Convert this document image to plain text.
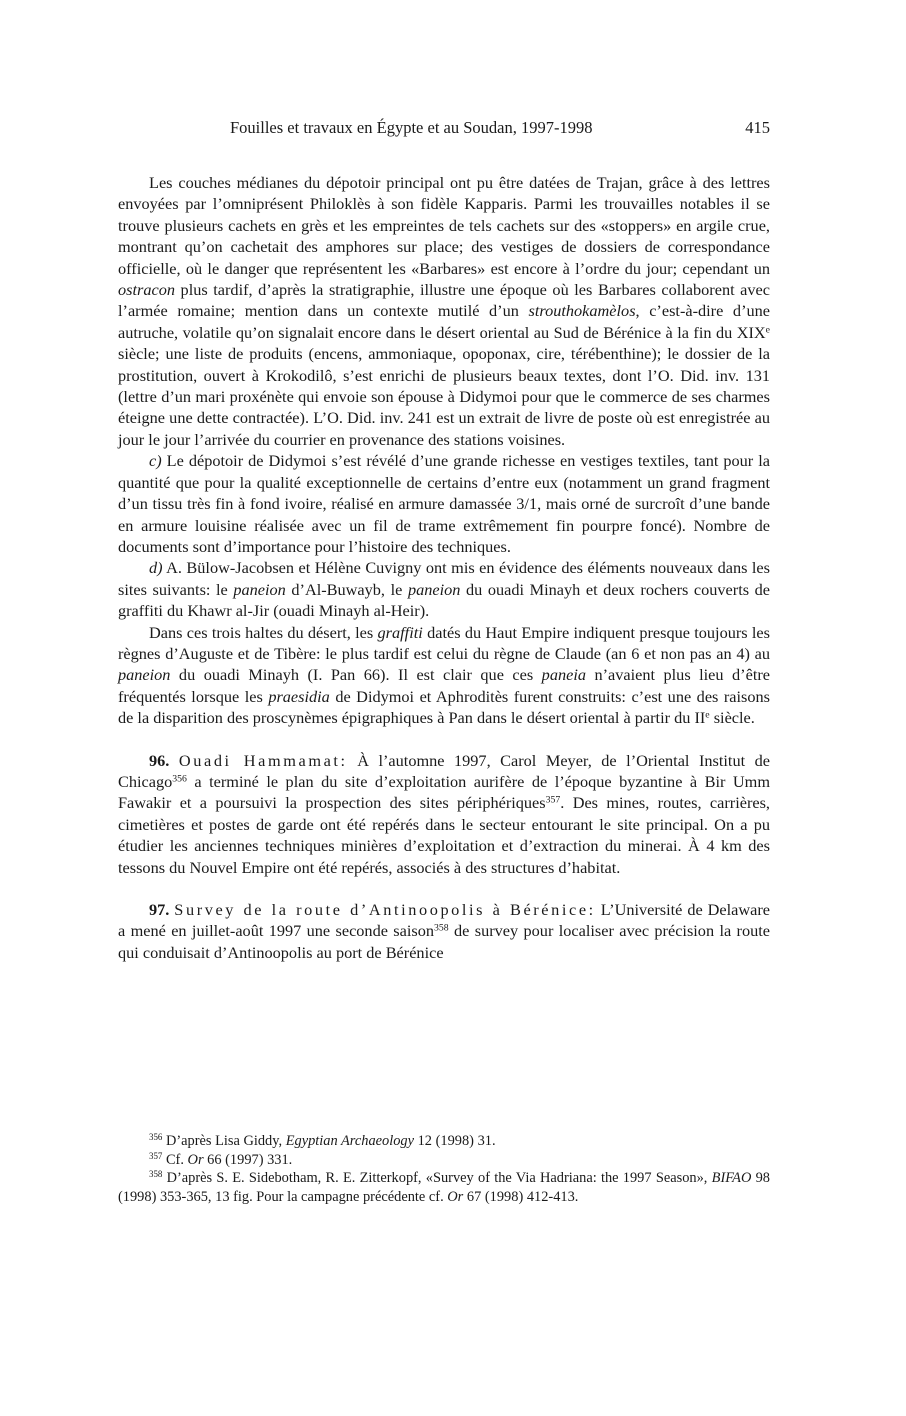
Fouilles et travaux en Égypte et au Soudan, 1997-1998	415

Les couches médianes du dépotoir principal ont pu être datées de Trajan, grâce à des lettres envoyées par l’omniprésent Philoklès à son fidèle Kapparis. Parmi les trouvailles notables il se trouve plusieurs cachets en grès et les empreintes de tels cachets sur des «stoppers» en argile crue, montrant qu’on cachetait des amphores sur place; des vestiges de dossiers de correspondance officielle, où le danger que représentent les «Barbares» est encore à l’ordre du jour; cependant un ostracon plus tardif, d’après la stratigraphie, illustre une époque où les Barbares collaborent avec l’armée romaine; mention dans un contexte mutilé d’un strouthokamèlos, c’est-à-dire d’une autruche, volatile qu’on signalait encore dans le désert oriental au Sud de Bérénice à la fin du XIXe siècle; une liste de produits (encens, ammoniaque, opoponax, cire, térébenthine); le dossier de la prostitution, ouvert à Krokodilô, s’est enrichi de plusieurs beaux textes, dont l’O. Did. inv. 131 (lettre d’un mari proxénète qui envoie son épouse à Didymoi pour que le commerce de ses charmes éteigne une dette contractée). L’O. Did. inv. 241 est un extrait de livre de poste où est enregistrée au jour le jour l’arrivée du courrier en provenance des stations voisines.

c) Le dépotoir de Didymoi s’est révélé d’une grande richesse en vestiges textiles, tant pour la quantité que pour la qualité exceptionnelle de certains d’entre eux (notamment un grand fragment d’un tissu très fin à fond ivoire, réalisé en armure damassée 3/1, mais orné de surcroît d’une bande en armure louisine réalisée avec un fil de trame extrêmement fin pourpre foncé). Nombre de documents sont d’importance pour l’histoire des techniques.

d) A. Bülow-Jacobsen et Hélène Cuvigny ont mis en évidence des éléments nouveaux dans les sites suivants: le paneion d’Al-Buwayb, le paneion du ouadi Minayh et deux rochers couverts de graffiti du Khawr al-Jir (ouadi Minayh al-Heir).

Dans ces trois haltes du désert, les graffiti datés du Haut Empire indiquent presque toujours les règnes d’Auguste et de Tibère: le plus tardif est celui du règne de Claude (an 6 et non pas an 4) au paneion du ouadi Minayh (I. Pan 66). Il est clair que ces paneia n’avaient plus lieu d’être fréquentés lorsque les praesidia de Didymoi et Aphroditès furent construits: c’est une des raisons de la disparition des proscynèmes épigraphiques à Pan dans le désert oriental à partir du IIe siècle.

96. Ouadi Hammamat: À l’automne 1997, Carol Meyer, de l’Oriental Institut de Chicago$^{356}$ a terminé le plan du site d’exploitation aurifère de l’époque byzantine à Bir Umm Fawakir et a poursuivi la prospection des sites périphériques$^{357}$. Des mines, routes, carrières, cimetières et postes de garde ont été repérés dans le secteur entourant le site principal. On a pu étudier les anciennes techniques minières d’exploitation et d’extraction du minerai. À 4 km des tessons du Nouvel Empire ont été repérés, associés à des structures d’habitat.

97. Survey de la route d’Antinoopolis à Bérénice: L’Université de Delaware a mené en juillet-août 1997 une seconde saison$^{358}$ de survey pour localiser avec précision la route qui conduisait d’Antinoopolis au port de Bérénice

$^{356}$ D’après Lisa Giddy, Egyptian Archaeology 12 (1998) 31.

$^{357}$ Cf. Or 66 (1997) 331.

$^{358}$ D’après S. E. Sidebotham, R. E. Zitterkopf, «Survey of the Via Hadriana: the 1997 Season», BIFAO 98 (1998) 353-365, 13 fig. Pour la campagne précédente cf. Or 67 (1998) 412-413.
